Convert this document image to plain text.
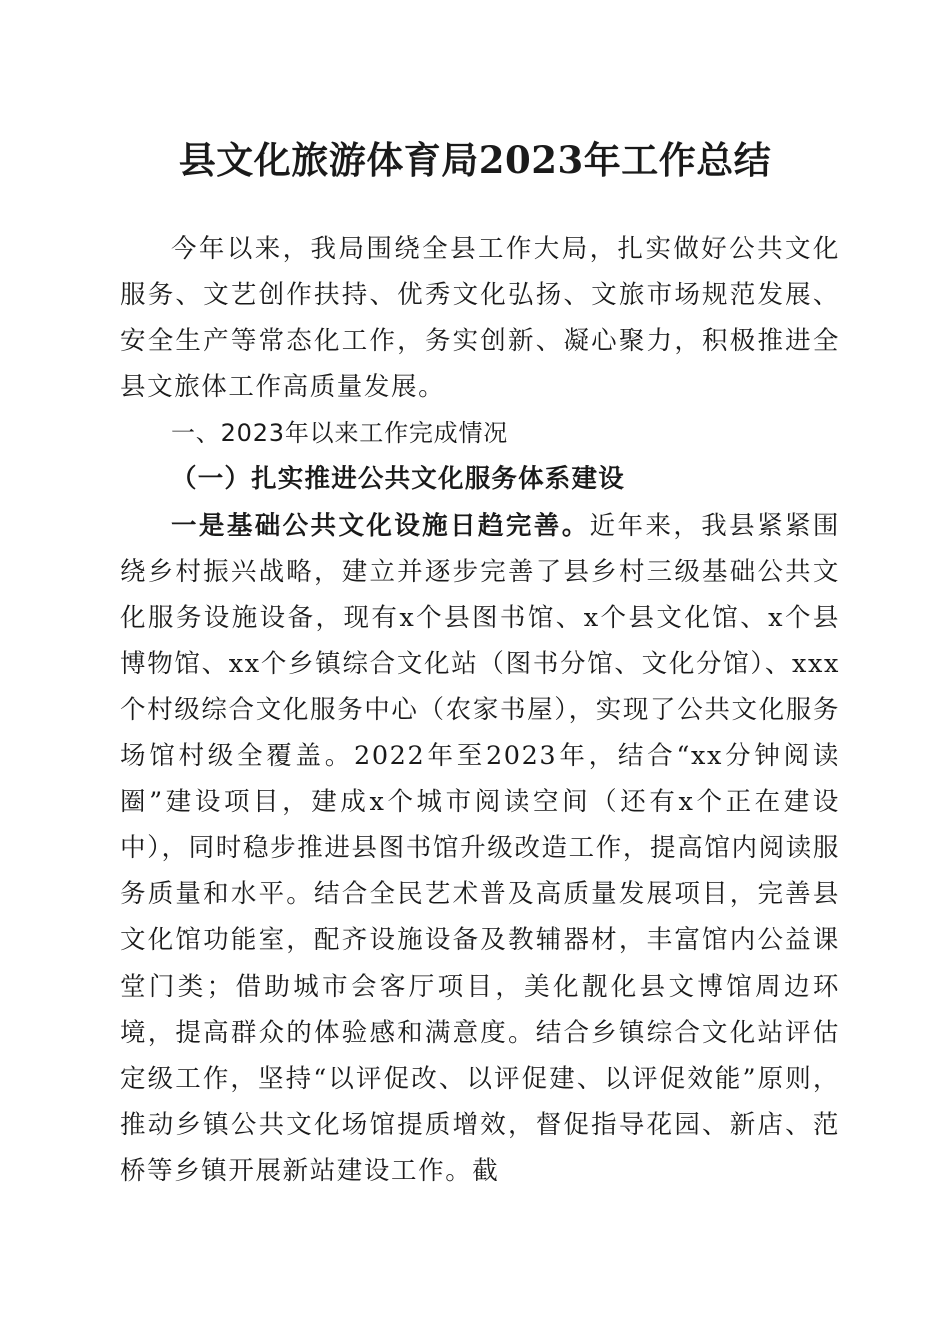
县文化旅游体育局2023年工作总结

今年以来，我局围绕全县工作大局，扎实做好公共文化服务、文艺创作扶持、优秀文化弘扬、文旅市场规范发展、安全生产等常态化工作，务实创新、凝心聚力，积极推进全县文旅体工作高质量发展。

一、2023年以来工作完成情况

（一）扎实推进公共文化服务体系建设

一是基础公共文化设施日趋完善。近年来，我县紧紧围绕乡村振兴战略，建立并逐步完善了县乡村三级基础公共文化服务设施设备，现有x个县图书馆、x个县文化馆、x个县博物馆、xx个乡镇综合文化站（图书分馆、文化分馆）、xxx个村级综合文化服务中心（农家书屋），实现了公共文化服务场馆村级全覆盖。2022年至2023年，结合“xx分钟阅读圈”建设项目，建成x个城市阅读空间（还有x个正在建设中），同时稳步推进县图书馆升级改造工作，提高馆内阅读服务质量和水平。结合全民艺术普及高质量发展项目，完善县文化馆功能室，配齐设施设备及教辅器材，丰富馆内公益课堂门类；借助城市会客厅项目，美化靓化县文博馆周边环境，提高群众的体验感和满意度。结合乡镇综合文化站评估定级工作，坚持“以评促改、以评促建、以评促效能”原则，推动乡镇公共文化场馆提质增效，督促指导花园、新店、范桥等乡镇开展新站建设工作。截
